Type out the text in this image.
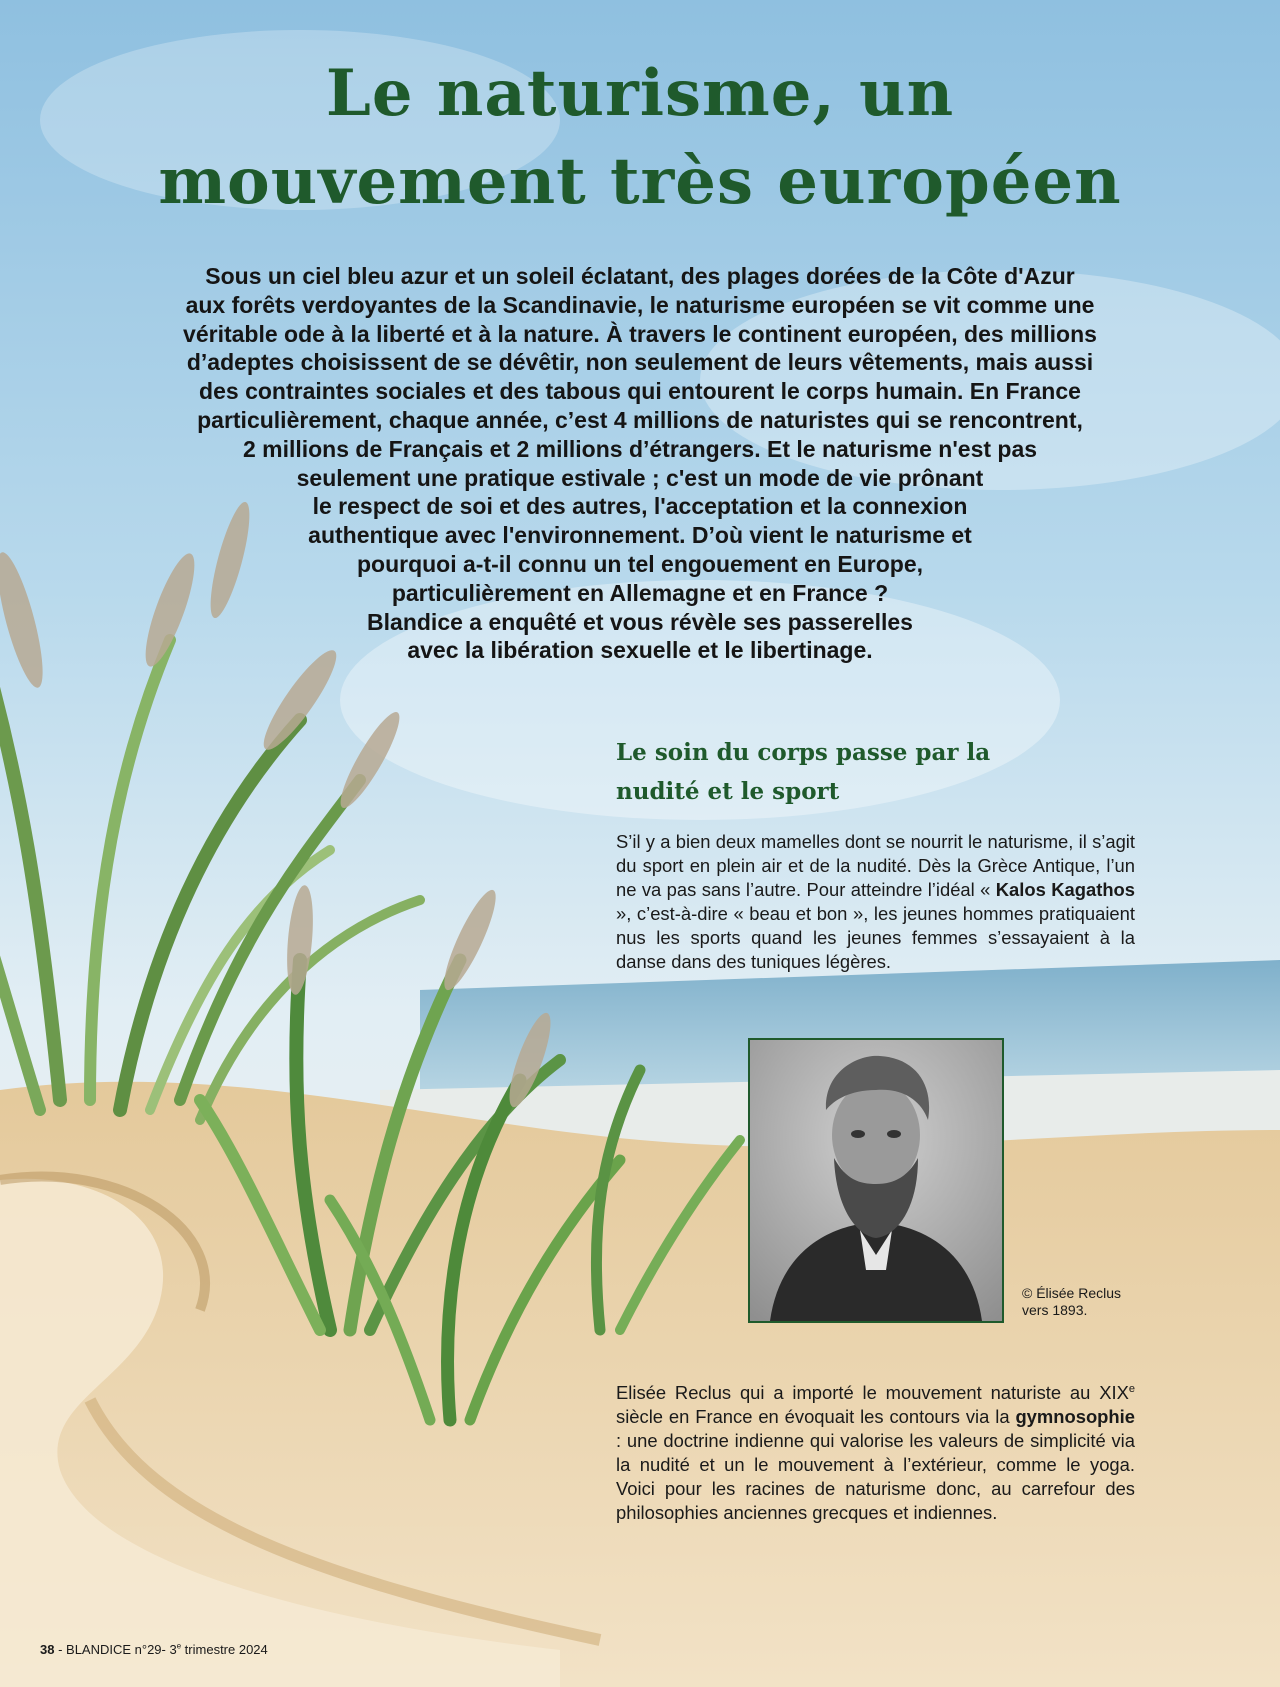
Le naturisme, un
mouvement très européen

Sous un ciel bleu azur et un soleil éclatant, des plages dorées de la Côte d'Azur
aux forêts verdoyantes de la Scandinavie, le naturisme européen se vit comme une
véritable ode à la liberté et à la nature. À travers le continent européen, des millions
d’adeptes choisissent de se dévêtir, non seulement de leurs vêtements, mais aussi
des contraintes sociales et des tabous qui entourent le corps humain. En France
particulièrement, chaque année, c’est 4 millions de naturistes qui se rencontrent,
2 millions de Français et 2 millions d’étrangers. Et le naturisme n'est pas
seulement une pratique estivale ; c'est un mode de vie prônant
le respect de soi et des autres, l'acceptation et la connexion
authentique avec l'environnement. D’où vient le naturisme et
pourquoi a-t-il connu un tel engouement en Europe,
particulièrement en Allemagne et en France ?
Blandice a enquêté et vous révèle ses passerelles
avec la libération sexuelle et le libertinage.

Le soin du corps passe par la
nudité et le sport

S’il y a bien deux mamelles dont se nourrit le naturisme, il s’agit du sport en plein air et de la nudité. Dès la Grèce Antique, l’un ne va pas sans l’autre. Pour atteindre l’idéal « Kalos Kagathos », c’est-à-dire « beau et bon », les jeunes hommes pratiquaient nus les sports quand les jeunes femmes s’essayaient à la danse dans des tuniques légères.

© Élisée Reclus
vers 1893.

Elisée Reclus qui a importé le mouvement naturiste au XIXe siècle en France en évoquait les contours via la gymnosophie : une doctrine indienne qui valorise les valeurs de simplicité via la nudité et un le mouvement à l’extérieur, comme le yoga. Voici pour les racines de naturisme donc, au carrefour des philosophies anciennes grecques et indiennes.

38 - BLANDICE n°29- 3e trimestre 2024
